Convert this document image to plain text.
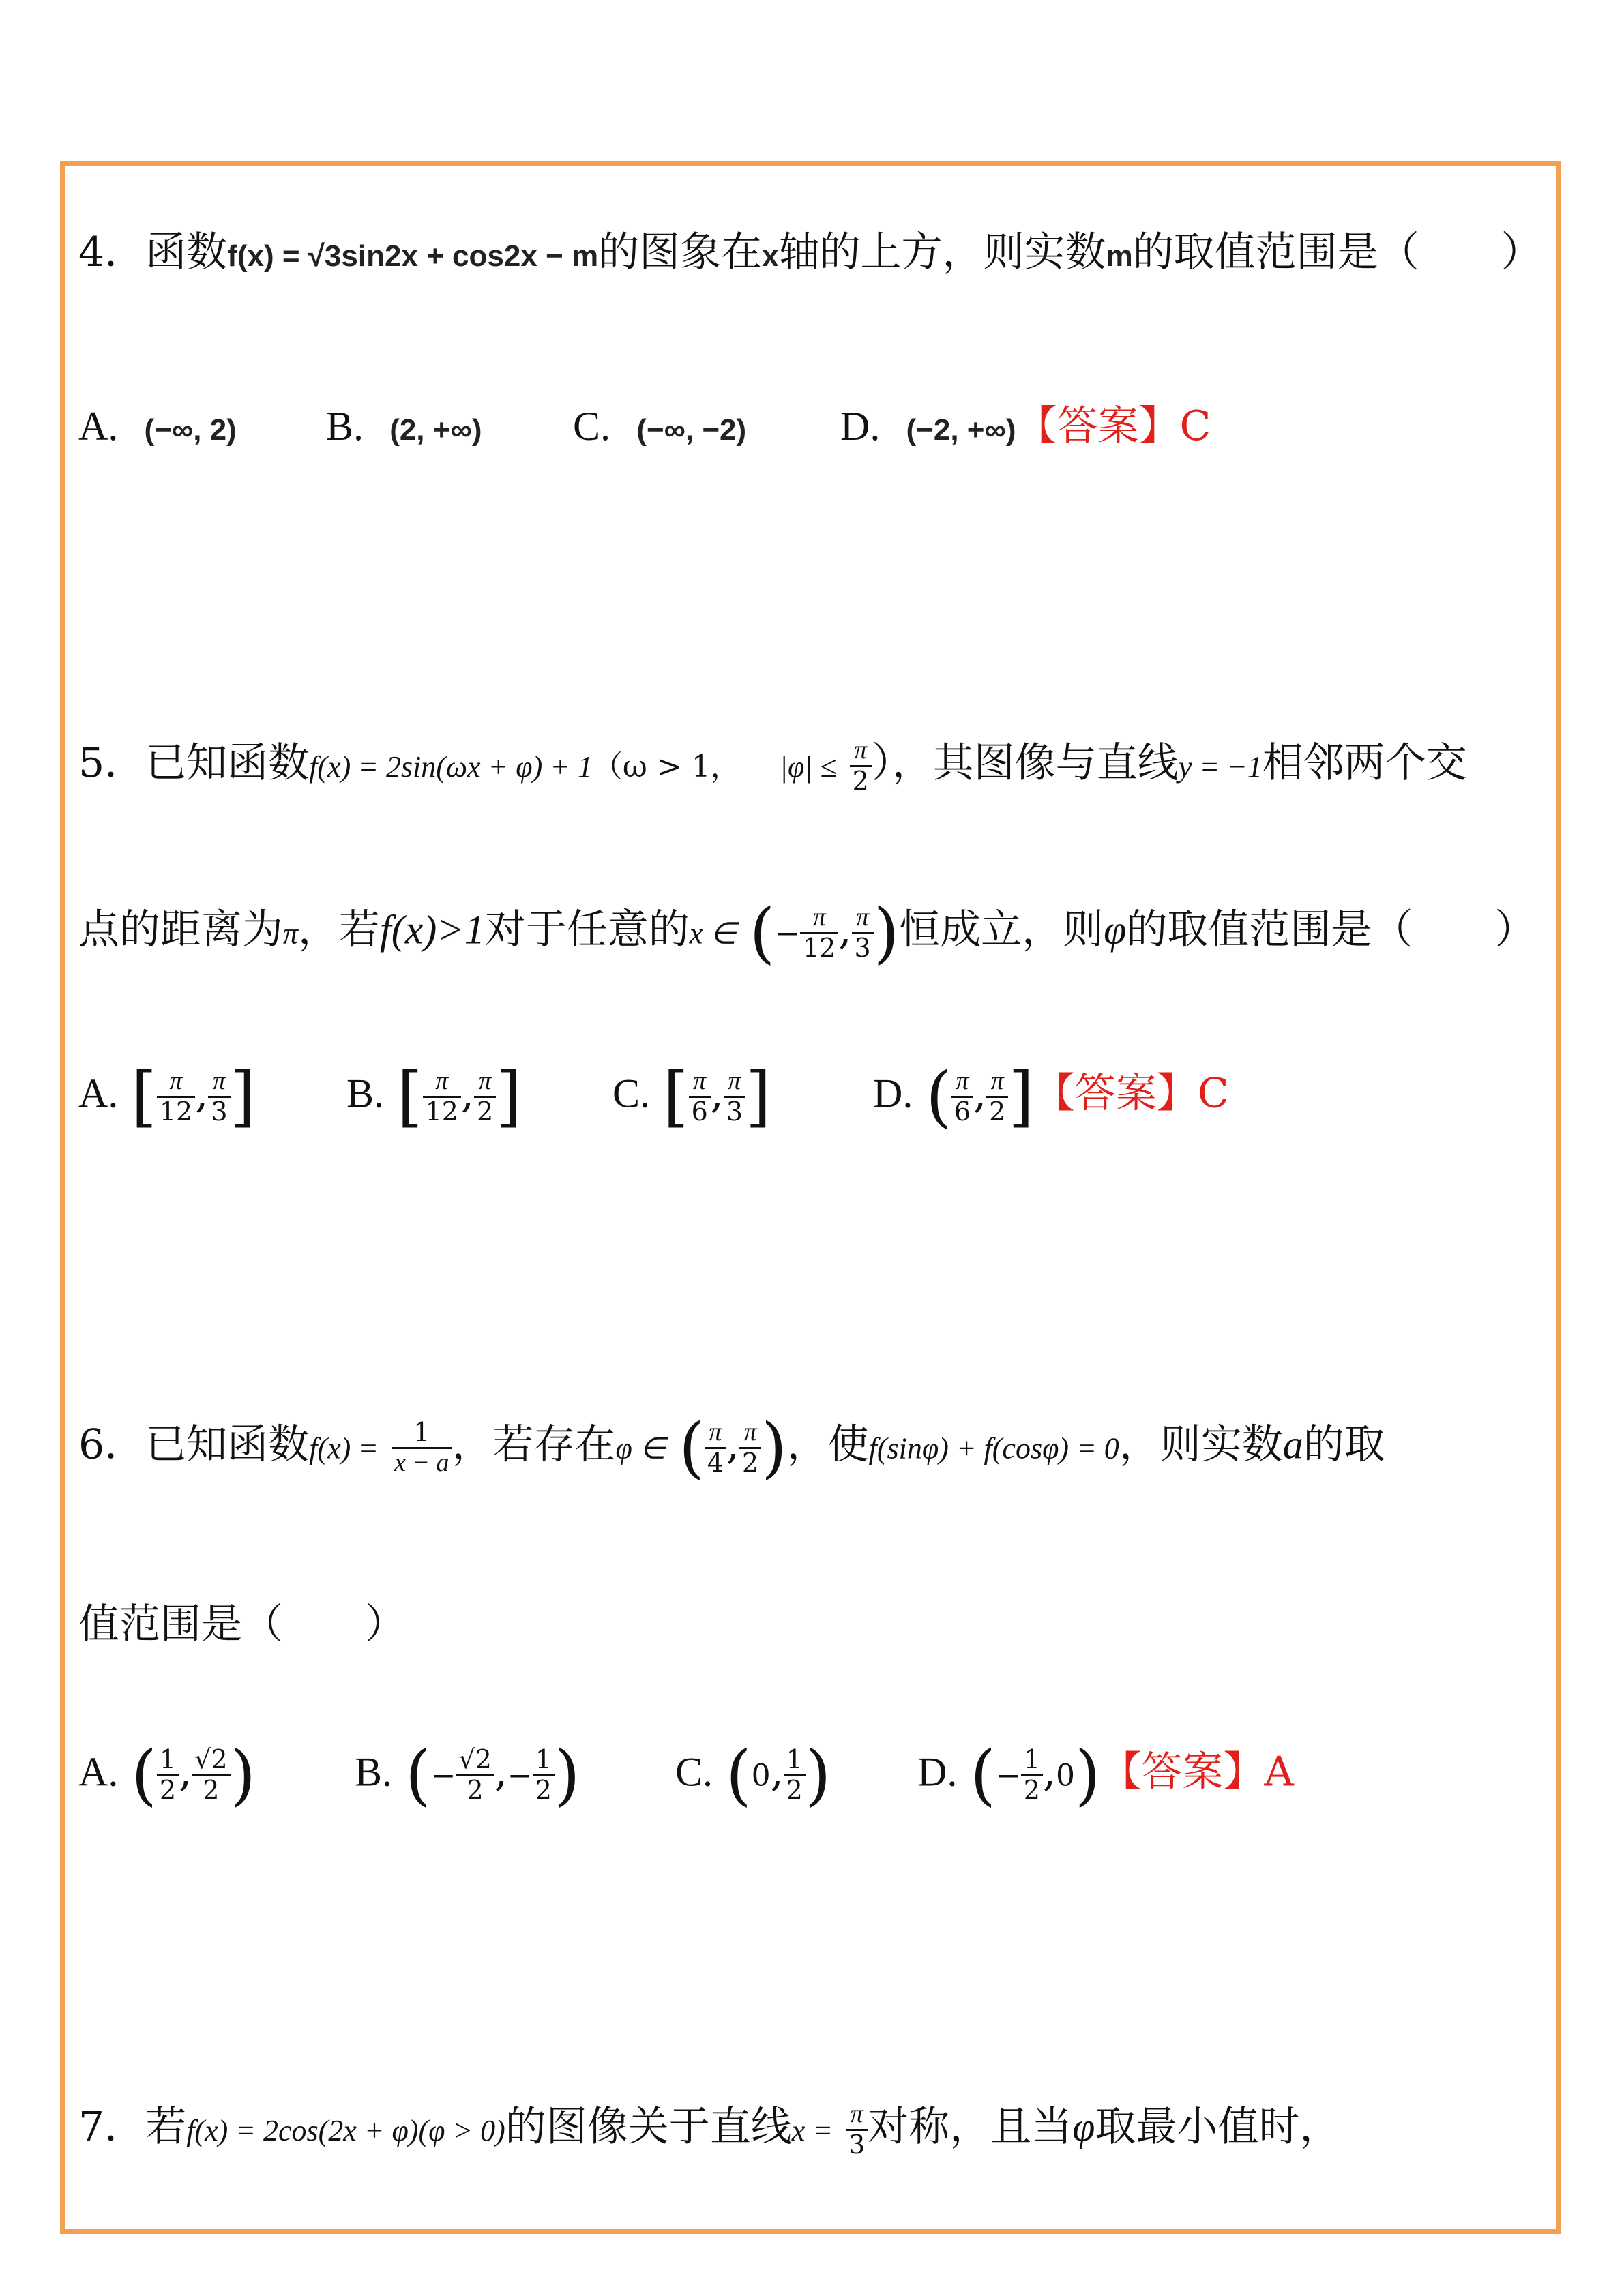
4．函数f(x) = √3sin2x + cos2x − m的图象在x轴的上方，则实数m的取值范围是（　　）
A. (−∞, 2) B. (2, +∞) C. (−∞, −2) D. (−2, +∞)【答案】C
5．已知函数f(x) = 2sin(ωx + φ) + 1（ω > 1， $|\varphi| \le \frac{\pi}{2}$ ），其图像与直线y = −1相邻两个交
点的距离为π，若f(x)>1对于任意的x ∈ (− $\frac{\pi}{12}$ , $\frac{\pi}{3}$ )恒成立，则φ的取值范围是（　　）
A. [ $\frac{\pi}{12}$ , $\frac{\pi}{3}$ ] B. [ $\frac{\pi}{12}$ , $\frac{\pi}{2}$ ] C. [ $\frac{\pi}{6}$ , $\frac{\pi}{3}$ ] D. ( $\frac{\pi}{6}$ , $\frac{\pi}{2}$ ]【答案】C
6．已知函数$f(x) = \frac{1}{x - a}$ ，若存在φ ∈ ( $\frac{\pi}{4}$ , $\frac{\pi}{2}$ )，使f(sinφ) + f(cosφ) = 0，则实数a的取
值范围是（　　）
A. ( $\frac{1}{2}$ , $\frac{√2}{2}$ ) B. (− $\frac{√2}{2}$ ,− $\frac{1}{2}$ ) C. (0, $\frac{1}{2}$ ) D. (− $\frac{1}{2} ,0$)【答案】A
7．若f(x) = 2cos(2x + φ)(φ > 0)的图像关于直线$x = \frac{\pi}{3}$ 对称，且当φ取最小值时，
